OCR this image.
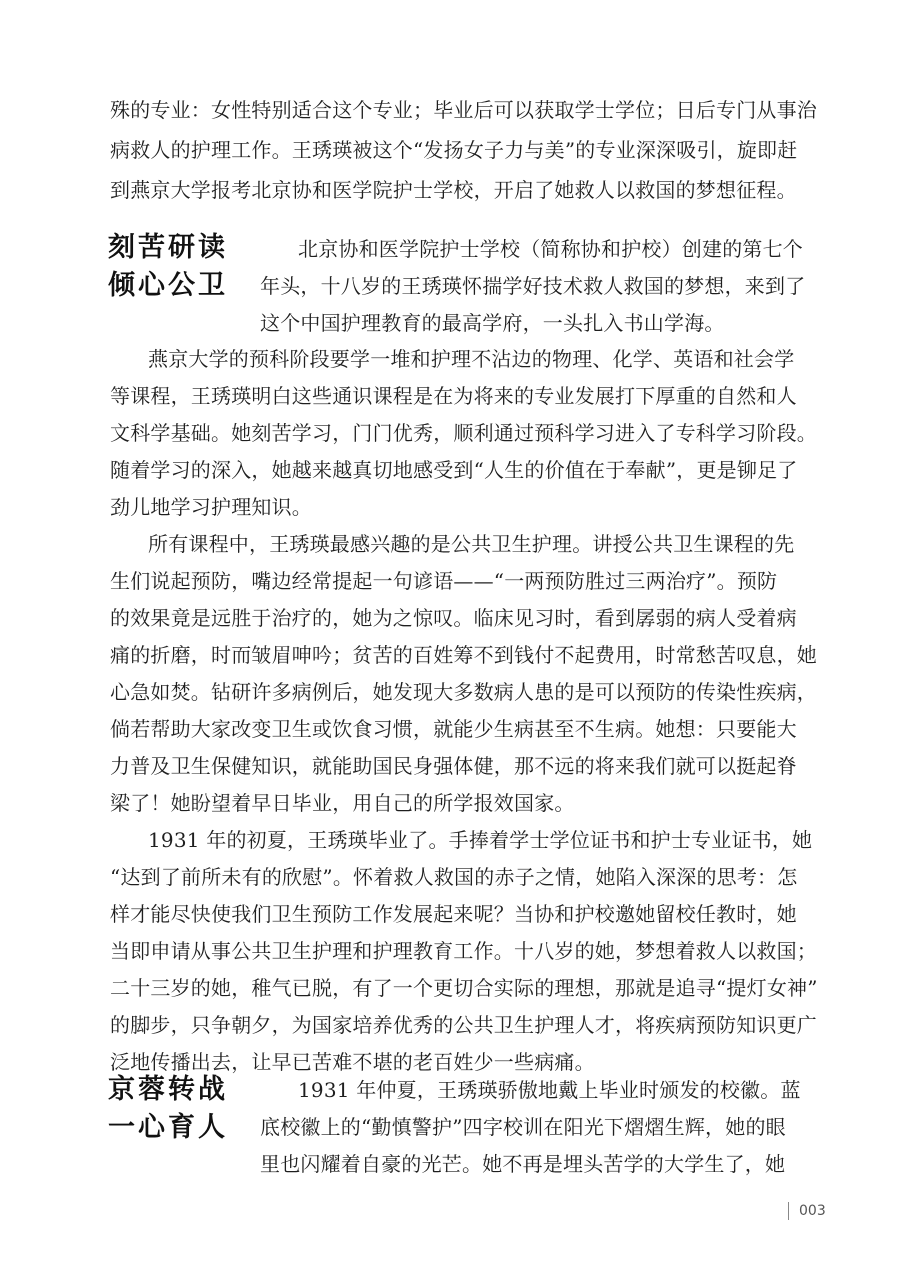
殊的专业：女性特别适合这个专业；毕业后可以获取学士学位；日后专门从事治
病救人的护理工作。王琇瑛被这个“发扬女子力与美”的专业深深吸引，旋即赶
到燕京大学报考北京协和医学院护士学校，开启了她救人以救国的梦想征程。
刻苦研读
倾心公卫
北京协和医学院护士学校（简称协和护校）创建的第七个
年头，十八岁的王琇瑛怀揣学好技术救人救国的梦想，来到了
这个中国护理教育的最高学府，一头扎入书山学海。
燕京大学的预科阶段要学一堆和护理不沾边的物理、化学、英语和社会学
等课程，王琇瑛明白这些通识课程是在为将来的专业发展打下厚重的自然和人
文科学基础。她刻苦学习，门门优秀，顺利通过预科学习进入了专科学习阶段。
随着学习的深入，她越来越真切地感受到“人生的价值在于奉献”，更是铆足了
劲儿地学习护理知识。
所有课程中，王琇瑛最感兴趣的是公共卫生护理。讲授公共卫生课程的先
生们说起预防，嘴边经常提起一句谚语——“一两预防胜过三两治疗”。预防
的效果竟是远胜于治疗的，她为之惊叹。临床见习时，看到孱弱的病人受着病
痛的折磨，时而皱眉呻吟；贫苦的百姓筹不到钱付不起费用，时常愁苦叹息，她
心急如焚。钻研许多病例后，她发现大多数病人患的是可以预防的传染性疾病，
倘若帮助大家改变卫生或饮食习惯，就能少生病甚至不生病。她想：只要能大
力普及卫生保健知识，就能助国民身强体健，那不远的将来我们就可以挺起脊
梁了！她盼望着早日毕业，用自己的所学报效国家。
1931 年的初夏，王琇瑛毕业了。手捧着学士学位证书和护士专业证书，她
“达到了前所未有的欣慰”。怀着救人救国的赤子之情，她陷入深深的思考：怎
样才能尽快使我们卫生预防工作发展起来呢？当协和护校邀她留校任教时，她
当即申请从事公共卫生护理和护理教育工作。十八岁的她，梦想着救人以救国；
二十三岁的她，稚气已脱，有了一个更切合实际的理想，那就是追寻“提灯女神”
的脚步，只争朝夕，为国家培养优秀的公共卫生护理人才，将疾病预防知识更广
泛地传播出去，让早已苦难不堪的老百姓少一些病痛。
京蓉转战
一心育人
1931 年仲夏，王琇瑛骄傲地戴上毕业时颁发的校徽。蓝
底校徽上的“勤慎警护”四字校训在阳光下熠熠生辉，她的眼
里也闪耀着自豪的光芒。她不再是埋头苦学的大学生了，她
003
